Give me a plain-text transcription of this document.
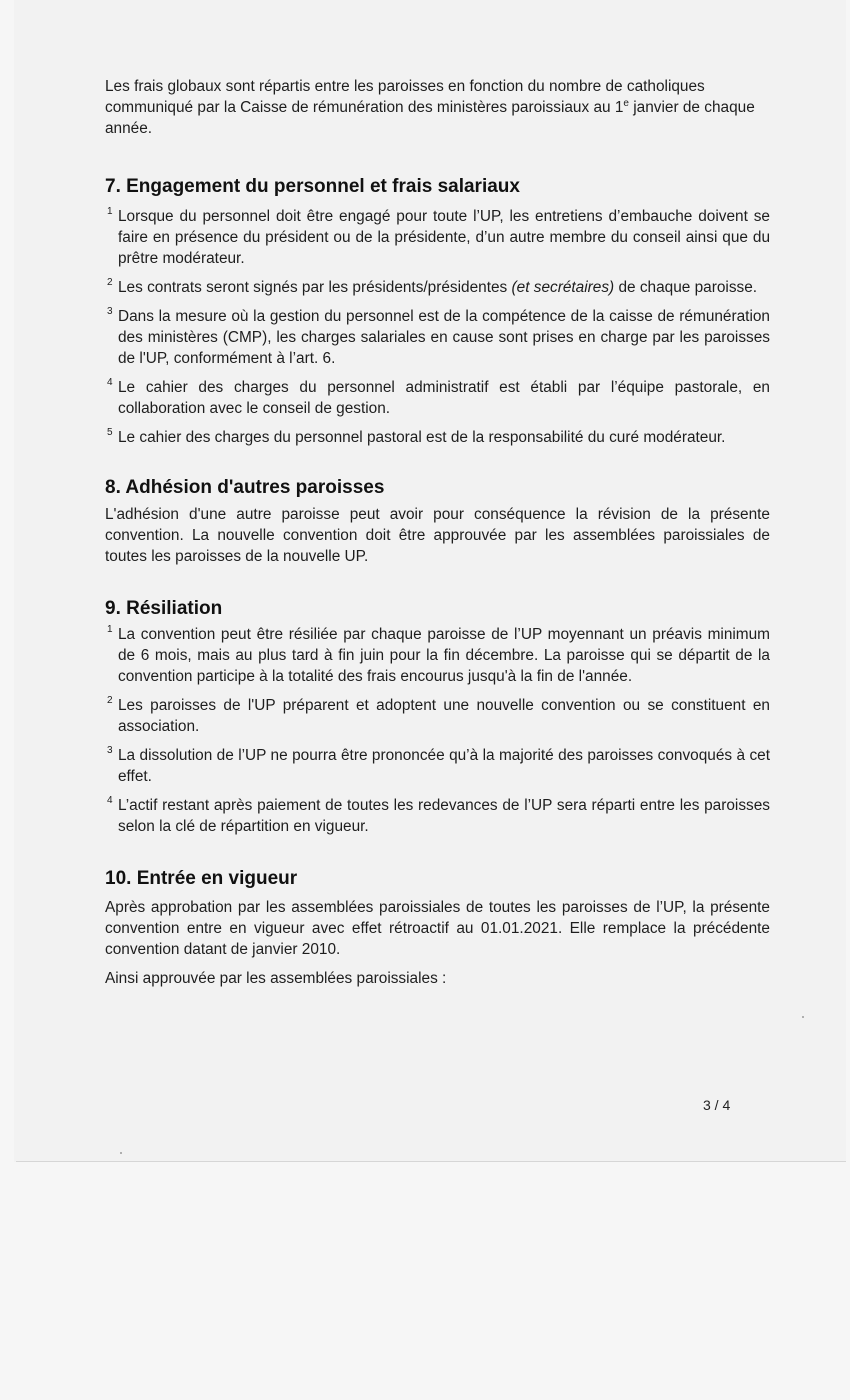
Les frais globaux sont répartis entre les paroisses en fonction du nombre de catholiques communiqué par la Caisse de rémunération des ministères paroissiaux au 1e janvier de chaque année.

7. Engagement du personnel et frais salariaux
1 Lorsque du personnel doit être engagé pour toute l’UP, les entretiens d’embauche doivent se faire en présence du président ou de la présidente, d’un autre membre du conseil ainsi que du prêtre modérateur.
2 Les contrats seront signés par les présidents/présidentes (et secrétaires) de chaque paroisse.
3 Dans la mesure où la gestion du personnel est de la compétence de la caisse de rémunération des ministères (CMP), les charges salariales en cause sont prises en charge par les paroisses de l'UP, conformément à l’art. 6.
4 Le cahier des charges du personnel administratif est établi par l’équipe pastorale, en collaboration avec le conseil de gestion.
5 Le cahier des charges du personnel pastoral est de la responsabilité du curé modérateur.
8. Adhésion d'autres paroisses

L'adhésion d'une autre paroisse peut avoir pour conséquence la révision de la présente convention. La nouvelle convention doit être approuvée par les assemblées paroissiales de toutes les paroisses de la nouvelle UP.

9. Résiliation
1 La convention peut être résiliée par chaque paroisse de l’UP moyennant un préavis minimum de 6 mois, mais au plus tard à fin juin pour la fin décembre. La paroisse qui se départit de la convention participe à la totalité des frais encourus jusqu'à la fin de l'année.
2 Les paroisses de l'UP préparent et adoptent une nouvelle convention ou se constituent en association.
3 La dissolution de l’UP ne pourra être prononcée qu’à la majorité des paroisses convoqués à cet effet.
4 L’actif restant après paiement de toutes les redevances de l’UP sera réparti entre les paroisses selon la clé de répartition en vigueur.
10. Entrée en vigueur

Après approbation par les assemblées paroissiales de toutes les paroisses de l’UP, la présente convention entre en vigueur avec effet rétroactif au 01.01.2021. Elle remplace la précédente convention datant de janvier 2010.

Ainsi approuvée par les assemblées paroissiales :

3 / 4
